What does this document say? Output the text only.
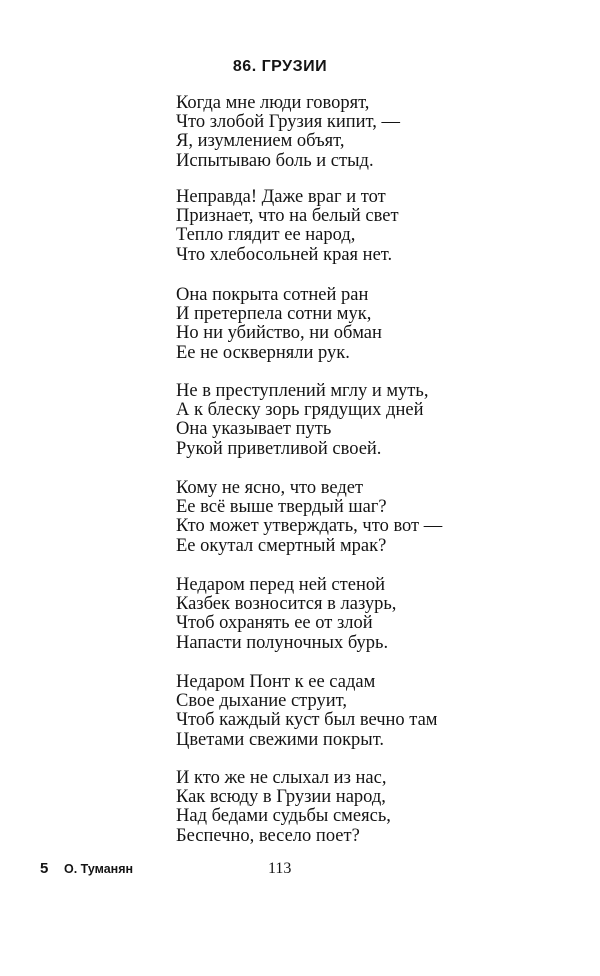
86. ГРУЗИИ
Когда мне люди говорят,
Что злобой Грузия кипит, —
Я, изумлением объят,
Испытываю боль и стыд.
Неправда! Даже враг и тот
Признает, что на белый свет
Тепло глядит ее народ,
Что хлебосольней края нет.
Она покрыта сотней ран
И претерпела сотни мук,
Но ни убийство, ни обман
Ее не оскверняли рук.
Не в преступлений мглу и муть,
А к блеску зорь грядущих дней
Она указывает путь
Рукой приветливой своей.
Кому не ясно, что ведет
Ее всё выше твердый шаг?
Кто может утверждать, что вот —
Ее окутал смертный мрак?
Недаром перед ней стеной
Казбек возносится в лазурь,
Чтоб охранять ее от злой
Напасти полуночных бурь.
Недаром Понт к ее садам
Свое дыхание струит,
Чтоб каждый куст был вечно там
Цветами свежими покрыт.
И кто же не слыхал из нас,
Как всюду в Грузии народ,
Над бедами судьбы смеясь,
Беспечно, весело поет?
5 О. Туманян	113
